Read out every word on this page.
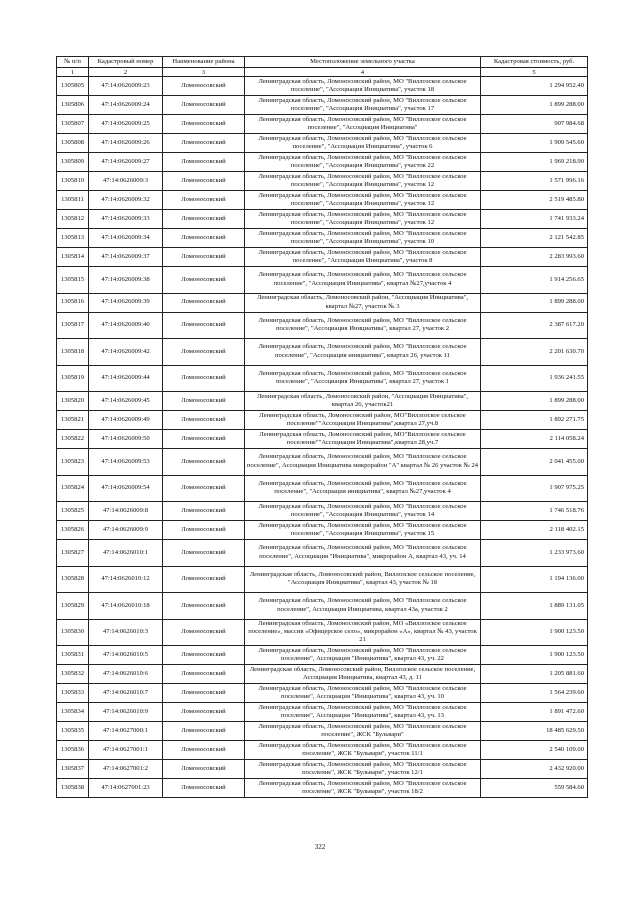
№ п/п	Кадастровый номер	Наименование района	Местоположение земельного участка	Кадастровая стоимость, руб.
1	2	3	4	5
1305805	47:14:0626009:23	Ломоносовский	Ленинградская область, Ломоносовский район, МО "Виллозское сельское поселение", "Ассоциация Инициатива", участок 18	1 294 952.40
1305806	47:14:0626009:24	Ломоносовский	Ленинградская область, Ломоносовский район, МО "Виллозское сельское поселение", "Ассоциация Инициатива", участок 17	1 899 288.00
1305807	47:14:0626009:25	Ломоносовский	Ленинградская область, Ломоносовский район, МО "Виллозское сельское поселение", "Ассоциация Инициатива"	907 984.68
1305808	47:14:0626009:26	Ломоносовский	Ленинградская область, Ломоносовский район, МО "Виллозское сельское поселение", "Ассоциация Инициатива", участок 6	1 909 545.60
1305809	47:14:0626009:27	Ломоносовский	Ленинградская область, Ломоносовский район, МО "Виллозское сельское поселение", "Ассоциация Инициатива", участок 22	1 969 218.90
1305810	47:14:0626009:3	Ломоносовский	Ленинградская область, Ломоносовский район, МО "Виллозское сельское поселение", "Ассоциация Инициатива", участок 12	1 571 996.16
1305811	47:14:0626009:32	Ломоносовский	Ленинградская область, Ломоносовский район, МО "Виллозское сельское поселение", "Ассоциация Инициатива", участок 12	2 519 485.80
1305812	47:14:0626009:33	Ломоносовский	Ленинградская область, Ломоносовский район, МО "Виллозское сельское поселение", "Ассоциация Инициатива", участок 12	1 741 933.24
1305813	47:14:0626009:34	Ломоносовский	Ленинградская область, Ломоносовский район, МО "Виллозское сельское поселение", "Ассоциация Инициатива", участок 10	2 121 542.85
1305814	47:14:0626009:37	Ломоносовский	Ленинградская область, Ломоносовский район, МО "Виллозское сельское поселение", "Ассоциация Инициатива", участок 8	2 283 993.60
1305815	47:14:0626009:38	Ломоносовский	Ленинградская область, Ломоносовский район, МО "Виллозское сельское поселение", "Ассоциация Инициатива", квартал №27,участок 4	1 914 256.65
1305816	47:14:0626009:39	Ломоносовский	Ленинградская область, Ломоносовский район, "Ассоциация Инициатива", квартал №27, участок № 3	1 899 288.00
1305817	47:14:0626009:40	Ломоносовский	Ленинградская область, Ломоносовский район, МО "Виллозское сельское поселение", "Ассоциация Инициатива", квартал 27, участок 2	2 387 617.20
1305818	47:14:0626009:42	Ломоносовский	Ленинградская область, Ломоносовский район, МО "Виллозское сельское поселение", "Ассоциация инициатива", квартал 26, участок 11	2 201 630.70
1305819	47:14:0626009:44	Ломоносовский	Ленинградская область, Ломоносовский район, МО "Виллозское сельское поселение", "Ассоциация Инициатива", квартал 27, участок 1	1 936 241.55
1305820	47:14:0626009:45	Ломоносовский	Ленинградская область, Ломоносовский район, "Ассоциация Инициатива", квартал 26, участок21	1 899 288.00
1305821	47:14:0626009:49	Ломоносовский	Ленинградская область, Ломоносовский район, МО"Виллозское сельское поселение""Ассоциация Инициатива",квартал 27,уч.8	1 892 271.75
1305822	47:14:0626009:50	Ломоносовский	Ленинградская область, Ломоносовский район, МО"Виллозское сельское поселение""Ассоциация Инициатива",квартал 28,уч.7	2 114 058.24
1305823	47:14:0626009:53	Ломоносовский	Ленинградская область, Ломоносовский район, МО "Виллозское сельское поселение", Ассоциация Инициатива микрорайон "А" квартал № 26 участок № 24	2 041 455.00
1305824	47:14:0626009:54	Ломоносовский	Ленинградская область, Ломоносовский район, МО "Виллозское сельское поселение", "Ассоциация инициатива", квартал №27,участок 4	1 907 975.25
1305825	47:14:0626009:8	Ломоносовский	Ленинградская область, Ломоносовский район, МО "Виллозское сельское поселение", "Ассоциация Инициатива", участок 14	1 746 518.76
1305826	47:14:0626009:9	Ломоносовский	Ленинградская область, Ломоносовский район, МО "Виллозское сельское поселение", "Ассоциация Инициатива", участок 15	2 118 402.15
1305827	47:14:0626010:1	Ломоносовский	Ленинградская область, Ломоносовский район, МО "Виллозское сельское поселение", Ассоциация "Инициатива", микрорайон А, квартал 43, уч. 14	1 233 973.60
1305828	47:14:0626010:12	Ломоносовский	Ленинградская область, Ломоносовский район, Виллозское сельское поселение, "Ассоциация Инициатива", квартал 43, участок № 18	1 194 136.00
1305829	47:14:0626010:18	Ломоносовский	Ленинградская область, Ломоносовский район, МО "Виллозское сельское поселение", Ассоциация Инициатива, квартал 43а, участок 2	1 889 131.05
1305830	47:14:0626010:3	Ломоносовский	Ленинградская область, Ломоносовский район, МО «Виллозское сельское поселение», массив «Офицерское село», микрорайон «А», квартал № 43, участок 21	1 900 123.50
1305831	47:14:0626010:5	Ломоносовский	Ленинградская область, Ломоносовский район, МО "Виллозское сельское поселение", Ассоциация "Инициатива", квартал 43, уч. 22	1 900 123.50
1305832	47:14:0626010:6	Ломоносовский	Ленинградская область, Ломоносовский район, Виллозское сельское поселение, Ассоциация Инициатива, квартал 43, д. 11	1 205 881.60
1305833	47:14:0626010:7	Ломоносовский	Ленинградская область, Ломоносовский район, МО "Виллозское сельское поселение", Ассоциация "Инициатива", квартал 43, уч. 10	1 564 239.60
1305834	47:14:0626010:9	Ломоносовский	Ленинградская область, Ломоносовский район, МО "Виллозское сельское поселение", Ассоциация "Инициатива", квартал 43, уч. 13	1 891 472.60
1305835	47:14:0627000:1	Ломоносовский	Ленинградская область, Ломоносовский район, МО "Виллозское сельское поселение", ЖСК "Бульвари"	18 485 629.50
1305836	47:14:0627001:1	Ломоносовский	Ленинградская область, Ломоносовский район, МО "Виллозское сельское поселение", ЖСК "Бульвари", участок 11/1	2 540 109.00
1305837	47:14:0627001:2	Ломоносовский	Ленинградская область, Ломоносовский район, МО "Виллозское сельское поселение", ЖСК "Бульвари", участок 12/1	2 432 920.00
1305838	47:14:0627001:23	Ломоносовский	Ленинградская область, Ломоносовский район, МО "Виллозское сельское поселение", ЖСК "Бульвари", участок 18/2	559 584.60
322
